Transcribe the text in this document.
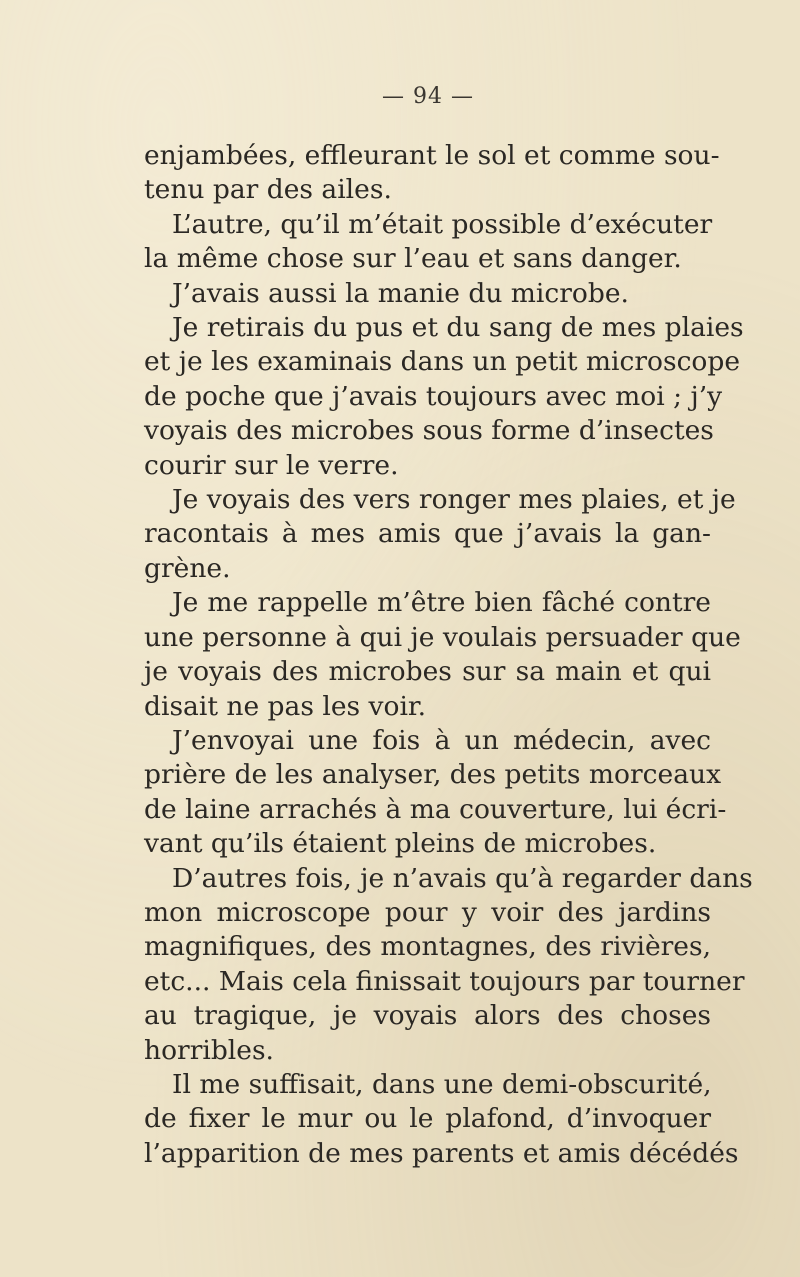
— 94 —
enjambées, effleurant le sol et comme sou-
tenu par des ailes.
L’autre, qu’il m’était possible d’exécuter
la même chose sur l’eau et sans danger.
J’avais aussi la manie du microbe.
Je retirais du pus et du sang de mes plaies
et je les examinais dans un petit microscope
de poche que j’avais toujours avec moi ; j’y
voyais des microbes sous forme d’insectes
courir sur le verre.
Je voyais des vers ronger mes plaies, et je
racontais à mes amis que j’avais la gan-
grène.
Je me rappelle m’être bien fâché contre
une personne à qui je voulais persuader que
je voyais des microbes sur sa main et qui
disait ne pas les voir.
J’envoyai une fois à un médecin, avec
prière de les analyser, des petits morceaux
de laine arrachés à ma couverture, lui écri-
vant qu’ils étaient pleins de microbes.
D’autres fois, je n’avais qu’à regarder dans
mon microscope pour y voir des jardins
magnifiques, des montagnes, des rivières,
etc... Mais cela finissait toujours par tourner
au tragique, je voyais alors des choses
horribles.
Il me suffisait, dans une demi-obscurité,
de fixer le mur ou le plafond, d’invoquer
l’apparition de mes parents et amis décédés
